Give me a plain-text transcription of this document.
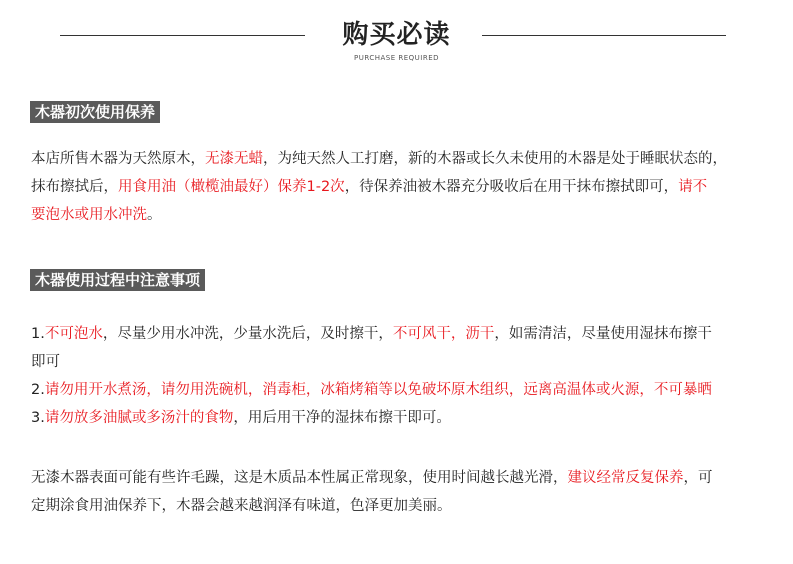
购买必读
PURCHASE REQUIRED
木器初次使用保养
本店所售木器为天然原木，无漆无蜡，为纯天然人工打磨，新的木器或长久未使用的木器是处于睡眠状态的，
抹布擦拭后，用食用油（橄榄油最好）保养1-2次，待保养油被木器充分吸收后在用干抹布擦拭即可，请不
要泡水或用水冲洗。
木器使用过程中注意事项
1.不可泡水，尽量少用水冲洗，少量水洗后，及时擦干，不可风干，沥干，如需清洁，尽量使用湿抹布擦干
即可
2.请勿用开水煮汤，请勿用洗碗机，消毒柜，冰箱烤箱等以免破坏原木组织，远离高温体或火源，不可暴晒
3.请勿放多油腻或多汤汁的食物，用后用干净的湿抹布擦干即可。
无漆木器表面可能有些许毛躁，这是木质品本性属正常现象，使用时间越长越光滑，建议经常反复保养，可
定期涂食用油保养下，木器会越来越润泽有味道，色泽更加美丽。
